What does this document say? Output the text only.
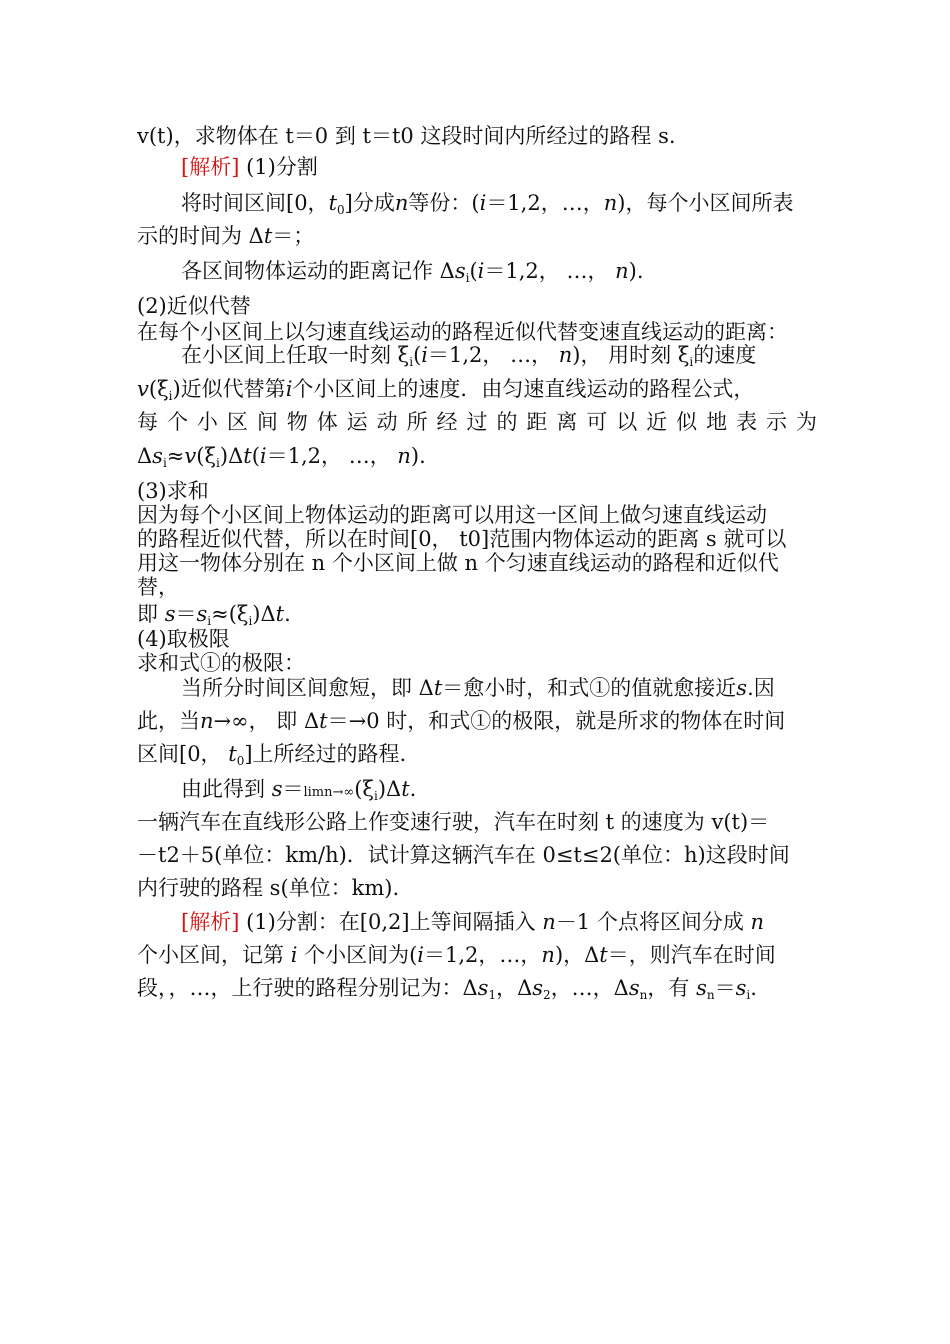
v(t)，求物体在 t＝0 到 t＝t0 这段时间内所经过的路程 s.
[解析] (1)分割
将时间区间[0，$t_0$]分成n等份：(i＝1,2，…，n)，每个小区间所表
示的时间为 Δt＝；
各区间物体运动的距离记作 $\Delta s_i(i=1,2$， …， n).
(2)近似代替
在每个小区间上以匀速直线运动的路程近似代替变速直线运动的距离：
在小区间上任取一时刻 $\xi_i(i=1,2$， …， n)， 用时刻 $\xi_i$的速度
$v(\xi_i)$近似代替第i个小区间上的速度．由匀速直线运动的路程公式，
每个小区间物体运动所经过的距离可以近似地表示为
$\Delta s_i\approx v(\xi_i)\Delta t(i=1,2$， …， n).
(3)求和
因为每个小区间上物体运动的距离可以用这一区间上做匀速直线运动
的路程近似代替，所以在时间[0， t0]范围内物体运动的距离 s 就可以
用这一物体分别在 n 个小区间上做 n 个匀速直线运动的路程和近似代
替，
即 $s=s_i\approx(\xi_i)\Delta t$.
(4)取极限
求和式①的极限：
当所分时间区间愈短，即 Δt＝愈小时，和式①的值就愈接近s.因
此，当n→∞， 即 Δt＝→0 时，和式①的极限，就是所求的物体在时间
区间[0， $t_0$]上所经过的路程.
由此得到 $s=\lim n\to\infty(\xi_i)\Delta t$.
一辆汽车在直线形公路上作变速行驶，汽车在时刻 t 的速度为 v(t)＝
－t2＋5(单位：km/h)．试计算这辆汽车在 0≤t≤2(单位：h)这段时间
内行驶的路程 s(单位：km).
[解析] (1)分割：在[0,2]上等间隔插入 n－1 个点将区间分成 n
个小区间，记第 i 个小区间为(i＝1,2，…，n)，Δt＝，则汽车在时间
段，，…，上行驶的路程分别记为：$\Delta s_1$，$\Delta s_2$，…，$\Delta s_n$，有 $s_n=s_i$.
